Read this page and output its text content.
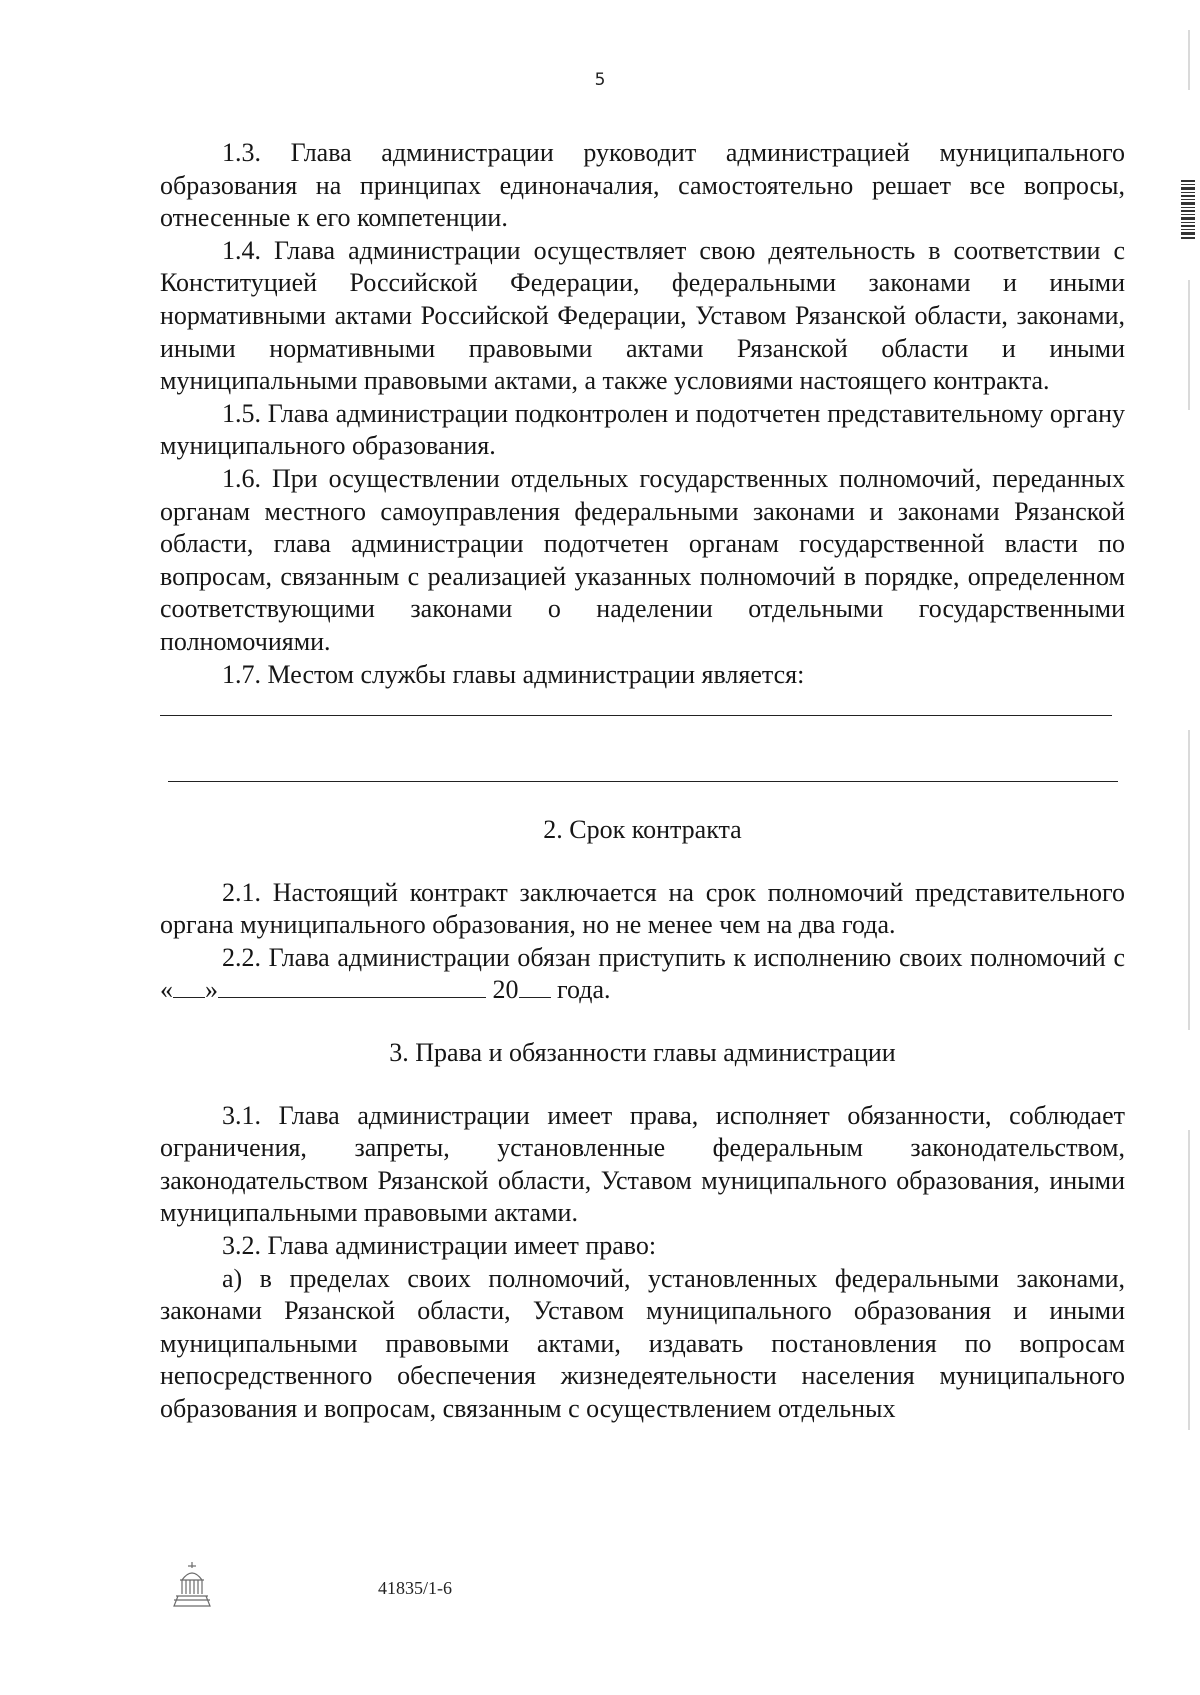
5

1.3. Глава администрации руководит администрацией муниципального образования на принципах единоначалия, самостоятельно решает все вопросы, отнесенные к его компетенции.

1.4. Глава администрации осуществляет свою деятельность в соответствии с Конституцией Российской Федерации, федеральными законами и иными нормативными актами Российской Федерации, Уставом Рязанской области, законами, иными нормативными правовыми актами Рязанской области и иными муниципальными правовыми актами, а также условиями настоящего контракта.

1.5. Глава администрации подконтролен и подотчетен представительному органу муниципального образования.

1.6. При осуществлении отдельных государственных полномочий, переданных органам местного самоуправления федеральными законами и законами Рязанской области, глава администрации подотчетен органам государственной власти по вопросам, связанным с реализацией указанных полномочий в порядке, определенном соответствующими законами о наделении отдельными государственными полномочиями.

1.7. Местом службы главы администрации является:

2. Срок контракта

2.1. Настоящий контракт заключается на срок полномочий представительного органа муниципального образования, но не менее чем на два года.

2.2. Глава администрации обязан приступить к исполнению своих полномочий с « »	20 года.

3. Права и обязанности главы администрации

3.1. Глава администрации имеет права, исполняет обязанности, соблюдает ограничения, запреты, установленные федеральным законодательством, законодательством Рязанской области, Уставом муниципального образования, иными муниципальными правовыми актами.

3.2. Глава администрации имеет право:

а) в пределах своих полномочий, установленных федеральными законами, законами Рязанской области, Уставом муниципального образования и иными муниципальными правовыми актами, издавать постановления по вопросам непосредственного обеспечения жизнедеятельности населения муниципального образования и вопросам, связанным с осуществлением отдельных

41835/1-6
